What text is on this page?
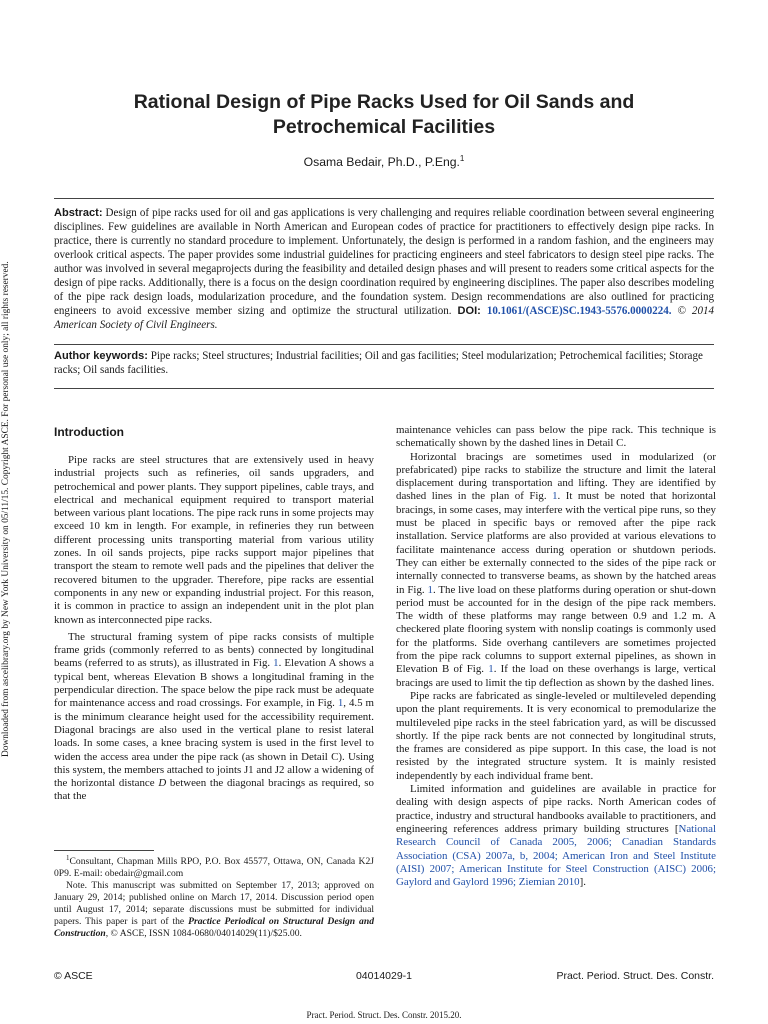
Downloaded from ascelibrary.org by New York University on 05/11/15. Copyright ASCE. For personal use only; all rights reserved.
Rational Design of Pipe Racks Used for Oil Sands and
Petrochemical Facilities
Osama Bedair, Ph.D., P.Eng.$^1$
Abstract: Design of pipe racks used for oil and gas applications is very challenging and requires reliable coordination between several engineering disciplines. Few guidelines are available in North American and European codes of practice for practitioners to effectively design pipe racks. In practice, there is currently no standard procedure to implement. Unfortunately, the design is performed in a random fashion, and the engineers may overlook critical aspects. The paper provides some industrial guidelines for practicing engineers and steel fabricators to design steel pipe racks. The author was involved in several megaprojects during the feasibility and detailed design phases and will present to readers some critical aspects for the design of pipe racks. Additionally, there is a focus on the design coordination required by engineering disciplines. The paper also describes modeling of the pipe rack design loads, modularization procedure, and the foundation system. Design recommendations are also outlined for practicing engineers to avoid excessive member sizing and optimize the structural utilization. DOI: 10.1061/(ASCE)SC.1943-5576.0000224. © 2014 American Society of Civil Engineers.
Author keywords: Pipe racks; Steel structures; Industrial facilities; Oil and gas facilities; Steel modularization; Petrochemical facilities; Storage racks; Oil sands facilities.
Introduction

Pipe racks are steel structures that are extensively used in heavy industrial projects such as refineries, oil sands upgraders, and petrochemical and power plants. They support pipelines, cable trays, and electrical and mechanical equipment required to transport material between various plant locations. The pipe rack runs in some projects may exceed 10 km in length. For example, in refineries they run between different processing units transporting material from various utility zones. In oil sands projects, pipe racks support major pipelines that transport the steam to remote well pads and the pipelines that deliver the recovered bitumen to the upgrader. Therefore, pipe racks are essential components in any new or expanding industrial project. For this reason, it is common in practice to assign an independent unit in the plot plan known as interconnected pipe racks.

The structural framing system of pipe racks consists of multiple frame grids (commonly referred to as bents) connected by longitudinal beams (referred to as struts), as illustrated in Fig. 1. Elevation A shows a typical bent, whereas Elevation B shows a longitudinal framing in the perpendicular direction. The space below the pipe rack must be adequate for maintenance access and road crossings. For example, in Fig. 1, 4.5 m is the minimum clearance height used for the accessibility requirement. Diagonal bracings are also used in the vertical plane to resist lateral loads. In some cases, a knee bracing system is used in the first level to widen the access area under the pipe rack (as shown in Detail C). Using this system, the members attached to joints J1 and J2 allow a widening of the horizontal distance D between the diagonal bracings as required, so that the

maintenance vehicles can pass below the pipe rack. This technique is schematically shown by the dashed lines in Detail C.

Horizontal bracings are sometimes used in modularized (or prefabricated) pipe racks to stabilize the structure and limit the lateral displacement during transportation and lifting. They are identified by dashed lines in the plan of Fig. 1. It must be noted that horizontal bracings, in some cases, may interfere with the vertical pipe runs, so they must be placed in specific bays or removed after the pipe rack installation. Service platforms are also provided at various elevations to facilitate maintenance access during operation or shutdown periods. They can either be externally connected to the sides of the pipe rack or internally connected to transverse beams, as shown by the hatched areas in Fig. 1. The live load on these platforms during operation or shut-down period must be accounted for in the design of the pipe rack members. The width of these platforms may range between 0.9 and 1.2 m. A checkered plate flooring system with nonslip coatings is commonly used for the platforms. Side overhang cantilevers are sometimes projected from the pipe rack columns to support external pipelines, as shown in Elevation B of Fig. 1. If the load on these overhangs is large, vertical bracings are used to limit the tip deflection as shown by the dashed lines.

Pipe racks are fabricated as single-leveled or multileveled depending upon the plant requirements. It is very economical to premodularize the multileveled pipe racks in the steel fabrication yard, as will be discussed shortly. If the pipe rack bents are not connected by longitudinal struts, the frames are considered as pipe support. In this case, the load is not resisted by the integrated structure system. It is mainly resisted independently by each individual frame bent.

Limited information and guidelines are available in practice for dealing with design aspects of pipe racks. North American codes of practice, industry and structural handbooks available to practitioners, and engineering references address primary building structures [National Research Council of Canada 2005, 2006; Canadian Standards Association (CSA) 2007a, b, 2004; American Iron and Steel Institute (AISI) 2007; American Institute for Steel Construction (AISC) 2006; Gaylord and Gaylord 1996; Ziemian 2010].

$^1$Consultant, Chapman Mills RPO, P.O. Box 45577, Ottawa, ON, Canada K2J 0P9. E-mail: obedair@gmail.com

Note. This manuscript was submitted on September 17, 2013; approved on January 29, 2014; published online on March 17, 2014. Discussion period open until August 17, 2014; separate discussions must be submitted for individual papers. This paper is part of the Practice Periodical on Structural Design and Construction, © ASCE, ISSN 1084-0680/04014029(11)/$25.00.

© ASCE	04014029-1	Pract. Period. Struct. Des. Constr.
Pract. Period. Struct. Des. Constr. 2015.20.
